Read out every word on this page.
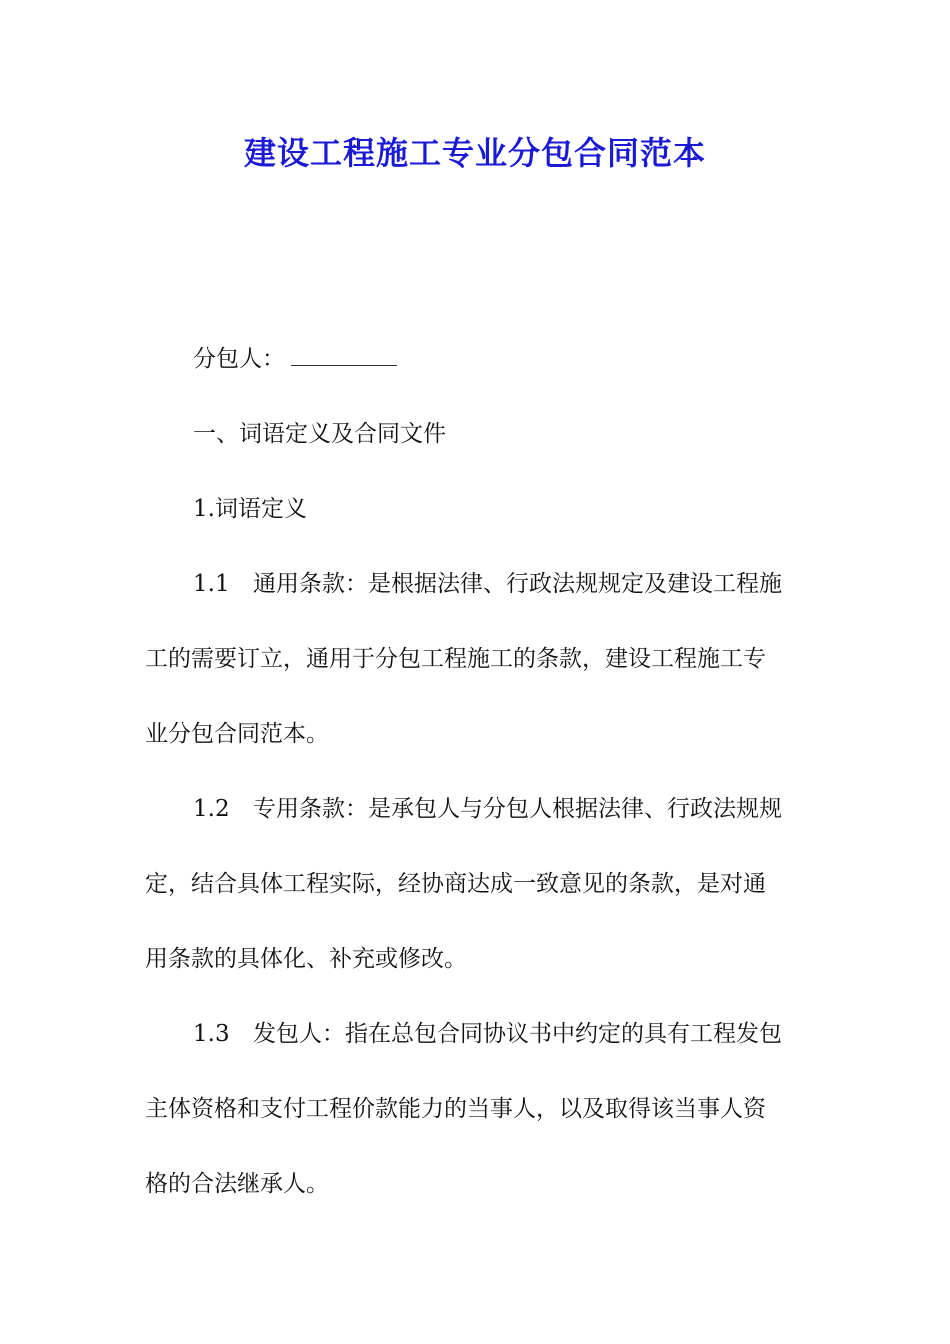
建设工程施工专业分包合同范本
分包人：
一、词语定义及合同文件
1.词语定义
1.1 通用条款：是根据法律、行政法规规定及建设工程施
工的需要订立，通用于分包工程施工的条款，建设工程施工专
业分包合同范本。
1.2 专用条款：是承包人与分包人根据法律、行政法规规
定，结合具体工程实际，经协商达成一致意见的条款，是对通
用条款的具体化、补充或修改。
1.3 发包人：指在总包合同协议书中约定的具有工程发包
主体资格和支付工程价款能力的当事人，以及取得该当事人资
格的合法继承人。
